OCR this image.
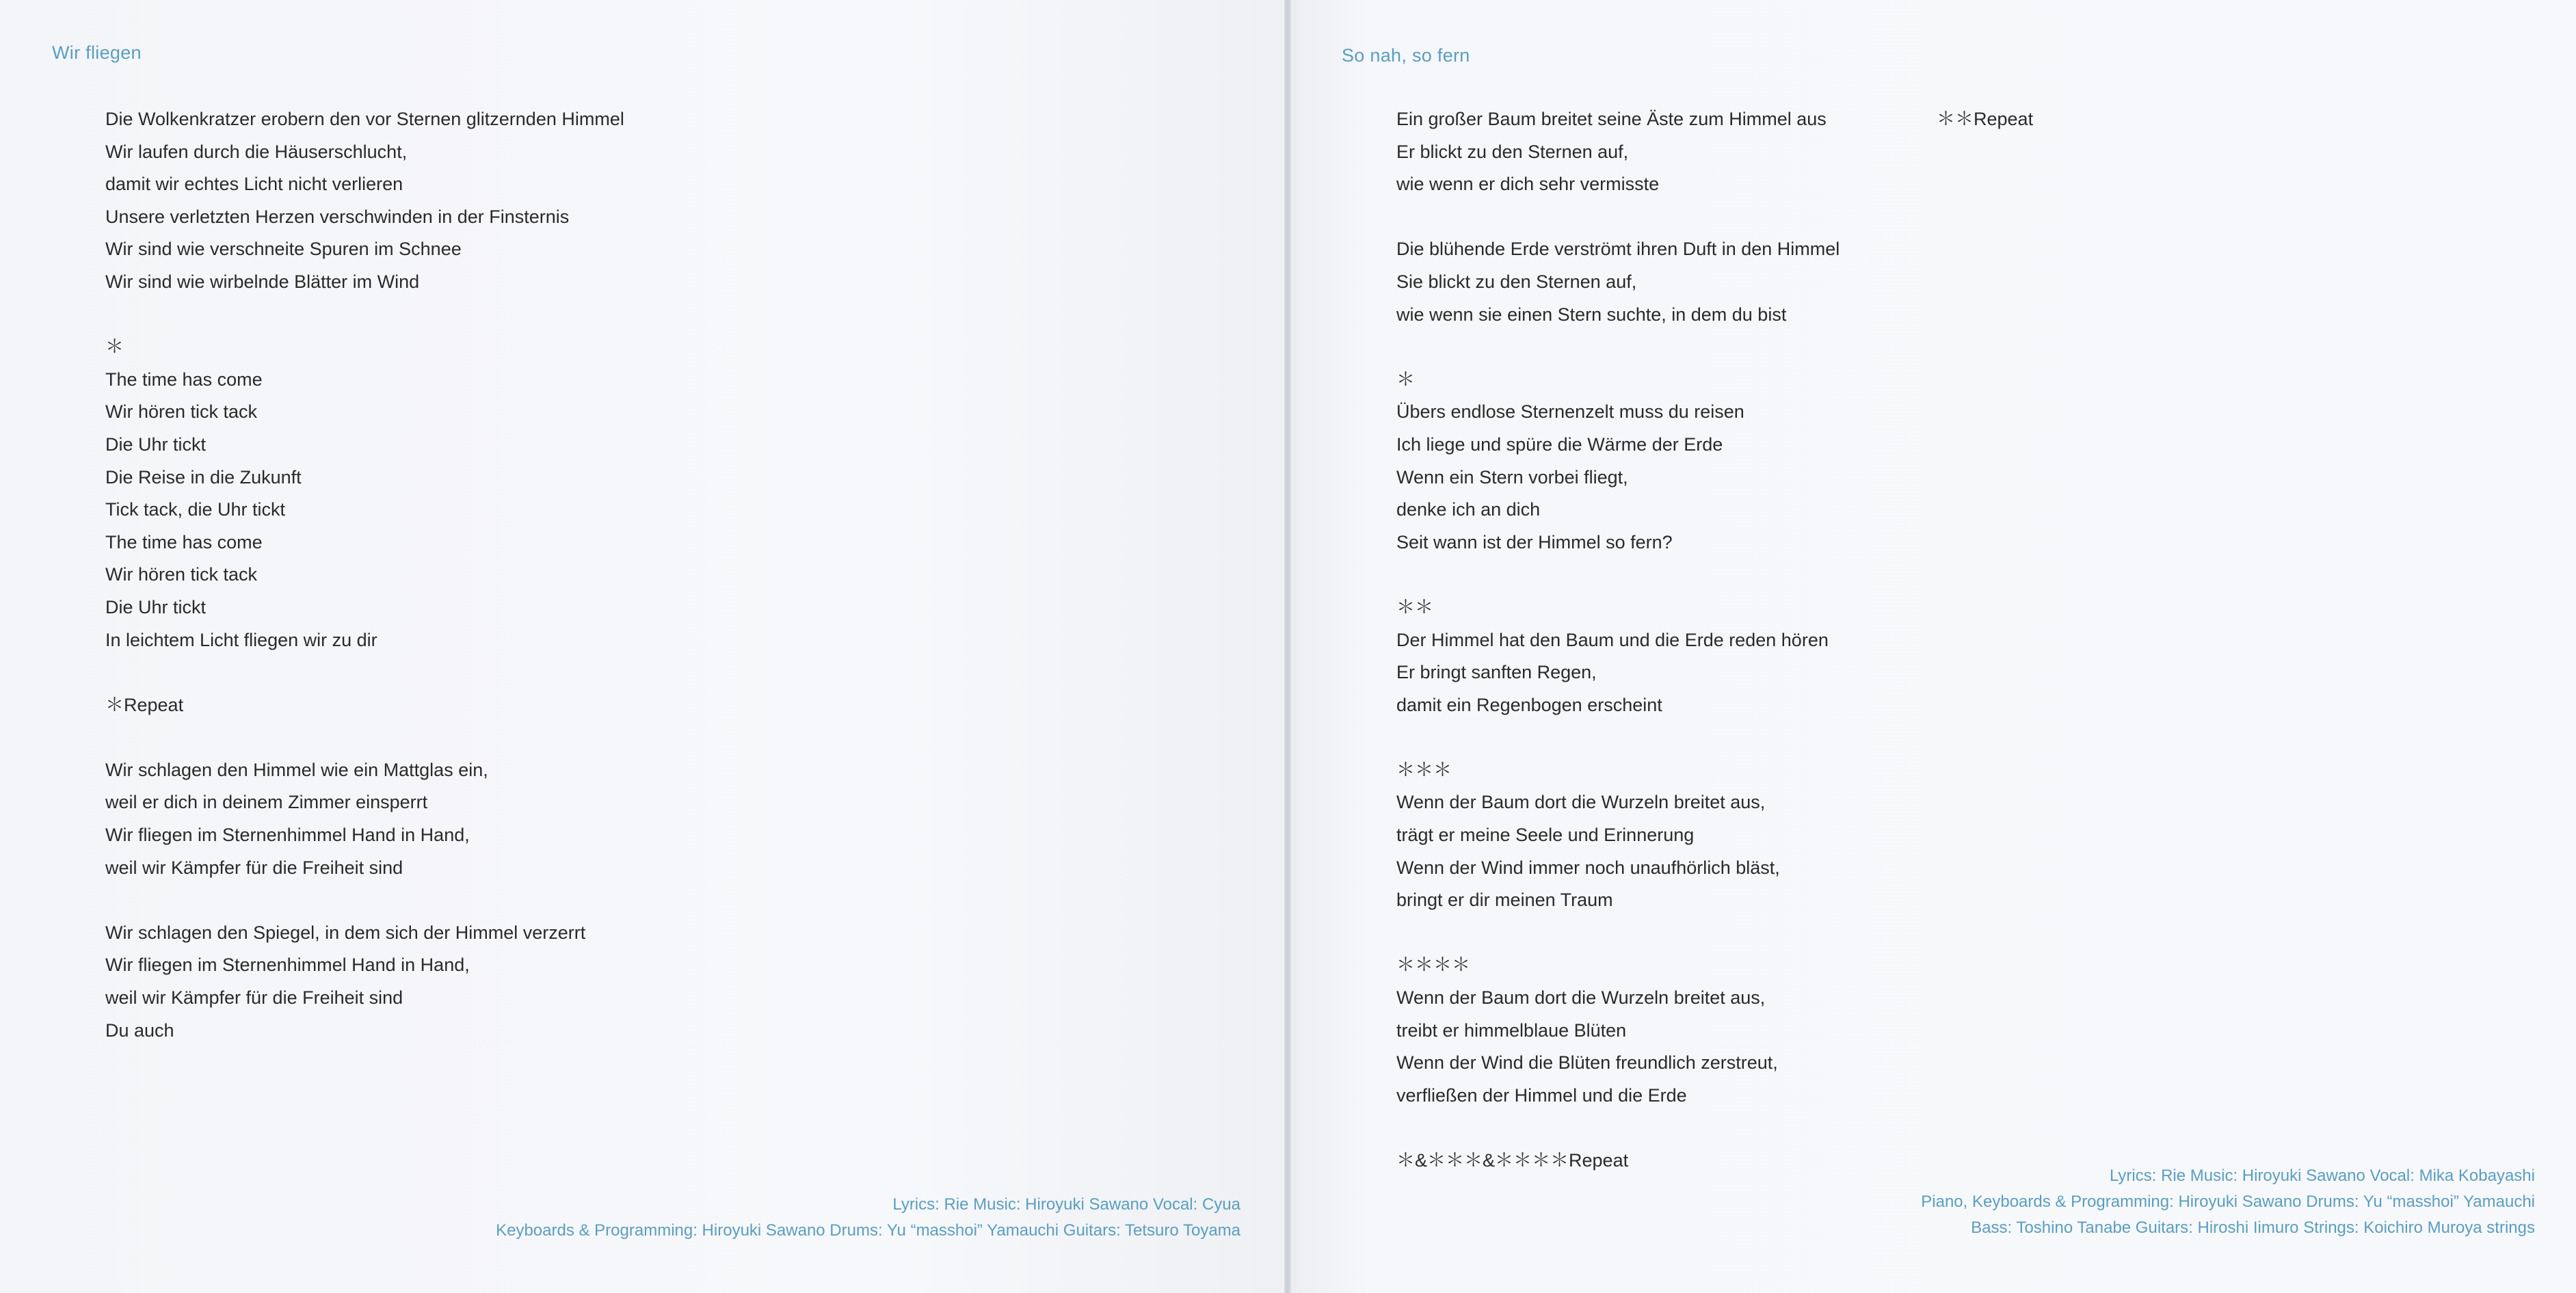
Wir fliegen

Die Wolkenkratzer erobern den vor Sternen glitzernden Himmel
Wir laufen durch die Häuserschlucht,
damit wir echtes Licht nicht verlieren
Unsere verletzten Herzen verschwinden in der Finsternis
Wir sind wie verschneite Spuren im Schnee
Wir sind wie wirbelnde Blätter im Wind

＊
The time has come
Wir hören tick tack
Die Uhr tickt
Die Reise in die Zukunft
Tick tack, die Uhr tickt
The time has come
Wir hören tick tack
Die Uhr tickt
In leichtem Licht fliegen wir zu dir

＊Repeat

Wir schlagen den Himmel wie ein Mattglas ein,
weil er dich in deinem Zimmer einsperrt
Wir fliegen im Sternenhimmel Hand in Hand,
weil wir Kämpfer für die Freiheit sind

Wir schlagen den Spiegel, in dem sich der Himmel verzerrt
Wir fliegen im Sternenhimmel Hand in Hand,
weil wir Kämpfer für die Freiheit sind
Du auch
Lyrics: Rie Music: Hiroyuki Sawano Vocal: Cyua
Keyboards & Programming: Hiroyuki Sawano Drums: Yu “masshoi” Yamauchi Guitars: Tetsuro Toyama
So nah, so fern
Ein großer Baum breitet seine Äste zum Himmel aus
Er blickt zu den Sternen auf,
wie wenn er dich sehr vermisste

Die blühende Erde verströmt ihren Duft in den Himmel
Sie blickt zu den Sternen auf,
wie wenn sie einen Stern suchte, in dem du bist

＊
Übers endlose Sternenzelt muss du reisen
Ich liege und spüre die Wärme der Erde
Wenn ein Stern vorbei fliegt,
denke ich an dich
Seit wann ist der Himmel so fern?

＊＊
Der Himmel hat den Baum und die Erde reden hören
Er bringt sanften Regen,
damit ein Regenbogen erscheint

＊＊＊
Wenn der Baum dort die Wurzeln breitet aus,
trägt er meine Seele und Erinnerung
Wenn der Wind immer noch unaufhörlich bläst,
bringt er dir meinen Traum

＊＊＊＊
Wenn der Baum dort die Wurzeln breitet aus,
treibt er himmelblaue Blüten
Wenn der Wind die Blüten freundlich zerstreut,
verfließen der Himmel und die Erde

＊&＊＊＊&＊＊＊＊Repeat
＊＊Repeat
Lyrics: Rie Music: Hiroyuki Sawano Vocal: Mika Kobayashi
Piano, Keyboards & Programming: Hiroyuki Sawano Drums: Yu “masshoi” Yamauchi
Bass: Toshino Tanabe Guitars: Hiroshi Iimuro Strings: Koichiro Muroya strings
